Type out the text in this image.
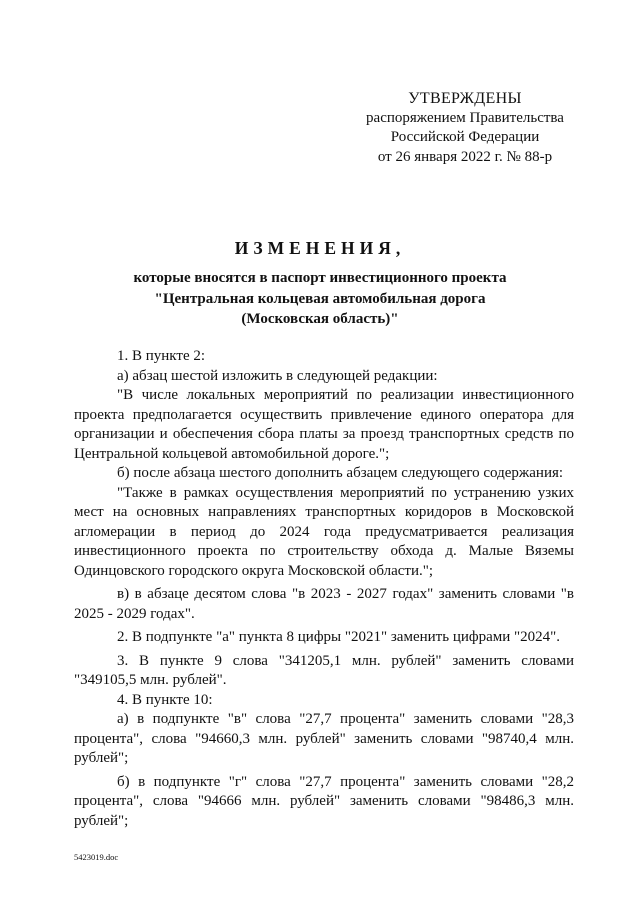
УТВЕРЖДЕНЫ
распоряжением Правительства
Российской Федерации
от 26 января 2022 г. № 88-р
ИЗМЕНЕНИЯ,
которые вносятся в паспорт инвестиционного проекта
"Центральная кольцевая автомобильная дорога
(Московская область)"
1. В пункте 2:
а) абзац шестой изложить в следующей редакции:
"В числе локальных мероприятий по реализации инвестиционного проекта предполагается осуществить привлечение единого оператора для организации и обеспечения сбора платы за проезд транспортных средств по Центральной кольцевой автомобильной дороге.";
б) после абзаца шестого дополнить абзацем следующего содержания:
"Также в рамках осуществления мероприятий по устранению узких мест на основных направлениях транспортных коридоров в Московской агломерации в период до 2024 года предусматривается реализация инвестиционного проекта по строительству обхода д. Малые Вяземы Одинцовского городского округа Московской области.";
в) в абзаце десятом слова "в 2023 - 2027 годах" заменить словами "в 2025 - 2029 годах".
2. В подпункте "а" пункта 8 цифры "2021" заменить цифрами "2024".
3. В пункте 9 слова "341205,1 млн. рублей" заменить словами "349105,5 млн. рублей".
4. В пункте 10:
а) в подпункте "в" слова "27,7 процента" заменить словами "28,3 процента", слова "94660,3 млн. рублей" заменить словами "98740,4 млн. рублей";
б) в подпункте "г" слова "27,7 процента" заменить словами "28,2 процента", слова "94666 млн. рублей" заменить словами "98486,3 млн. рублей";
5423019.doc
